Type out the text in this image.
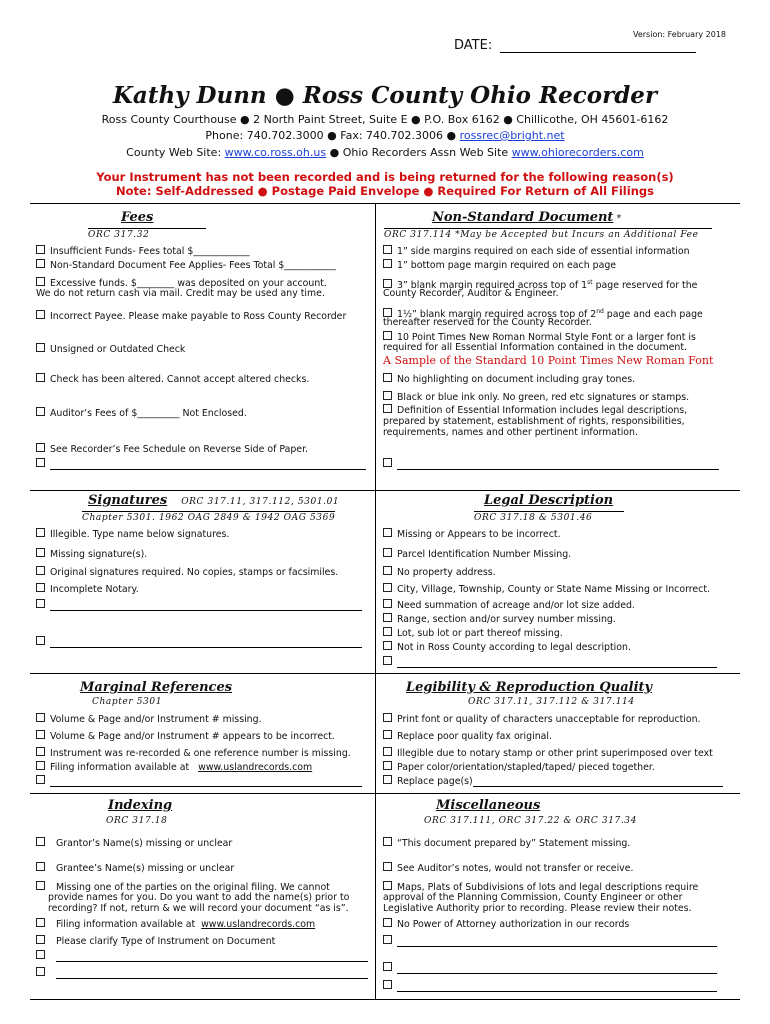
Version: February 2018
DATE:
Kathy Dunn ● Ross County Ohio Recorder
Ross County Courthouse ● 2 North Paint Street, Suite E ● P.O. Box 6162 ● Chillicothe, OH 45601-6162
Phone: 740.702.3000 ● Fax: 740.702.3006 ● rossrec@bright.net
County Web Site: www.co.ross.oh.us ● Ohio Recorders Assn Web Site www.ohiorecorders.com
Your Instrument has not been recorded and is being returned for the following reason(s)
Note: Self-Addressed ● Postage Paid Envelope ● Required For Return of All Filings
Fees
ORC 317.32
Insufficient Funds- Fees total $____________
Non-Standard Document Fee Applies- Fees Total $___________
Excessive funds. $________ was deposited on your account.
We do not return cash via mail. Credit may be used any time.
Incorrect Payee. Please make payable to Ross County Recorder
Unsigned or Outdated Check
Check has been altered. Cannot accept altered checks.
Auditor’s Fees of $_________ Not Enclosed.
See Recorder’s Fee Schedule on Reverse Side of Paper.
Non-Standard Document *
ORC 317.114 *May be Accepted but Incurs an Additional Fee
1” side margins required on each side of essential information
1” bottom page margin required on each page
3” blank margin required across top of 1st page reserved for the
County Recorder, Auditor & Engineer.
1½” blank margin required across top of 2nd page and each page
thereafter reserved for the County Recorder.
10 Point Times New Roman Normal Style Font or a larger font is
required for all Essential Information contained in the document.
A Sample of the Standard 10 Point Times New Roman Font
No highlighting on document including gray tones.
Black or blue ink only. No green, red etc signatures or stamps.
Definition of Essential Information includes legal descriptions, prepared by statement, establishment of rights, responsibilities, requirements, names and other pertinent information.
Signatures ORC 317.11, 317.112, 5301.01
Chapter 5301. 1962 OAG 2849 & 1942 OAG 5369
Illegible. Type name below signatures.
Missing signature(s).
Original signatures required. No copies, stamps or facsimiles.
Incomplete Notary.
Legal Description
ORC 317.18 & 5301.46
Missing or Appears to be incorrect.
Parcel Identification Number Missing.
No property address.
City, Village, Township, County or State Name Missing or Incorrect.
Need summation of acreage and/or lot size added.
Range, section and/or survey number missing.
Lot, sub lot or part thereof missing.
Not in Ross County according to legal description.
Marginal References
Chapter 5301
Volume & Page and/or Instrument # missing.
Volume & Page and/or Instrument # appears to be incorrect.
Instrument was re-recorded & one reference number is missing.
Filing information available at www.uslandrecords.com
Legibility & Reproduction Quality
ORC 317.11, 317.112 & 317.114
Print font or quality of characters unacceptable for reproduction.
Replace poor quality fax original.
Illegible due to notary stamp or other print superimposed over text
Paper color/orientation/stapled/taped/ pieced together.
Replace page(s)
Indexing
ORC 317.18
Grantor’s Name(s) missing or unclear
Grantee’s Name(s) missing or unclear
Missing one of the parties on the original filing. We cannot
provide names for you. Do you want to add the name(s) prior to
recording? If not, return & we will record your document “as is”.
Filing information available at www.uslandrecords.com
Please clarify Type of Instrument on Document

Miscellaneous
ORC 317.111, ORC 317.22 & ORC 317.34
“This document prepared by” Statement missing.
See Auditor’s notes, would not transfer or receive.
Maps, Plats of Subdivisions of lots and legal descriptions require
approval of the Planning Commission, County Engineer or other
Legislative Authority prior to recording. Please review their notes.
No Power of Attorney authorization in our records
